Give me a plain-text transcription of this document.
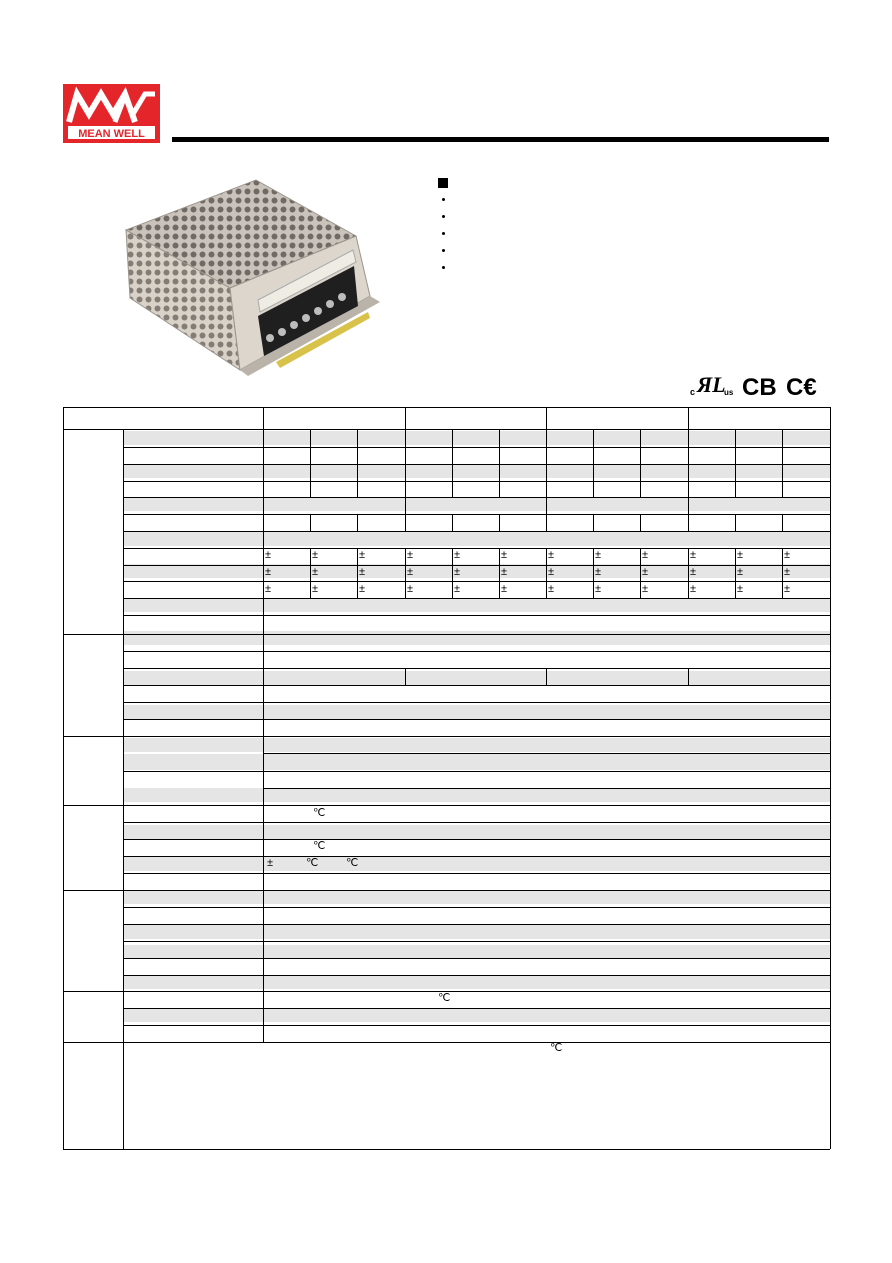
MEAN WELL
c ЯL
us CB C€
±	±	±	±	±	±	±	±	±	±	±	±
±	±	±	±	±	±	±	±	±	±	±	±
±	±	±	±	±	±	±	±	±	±	±	±
℃
℃
±	℃	℃
℃
℃
